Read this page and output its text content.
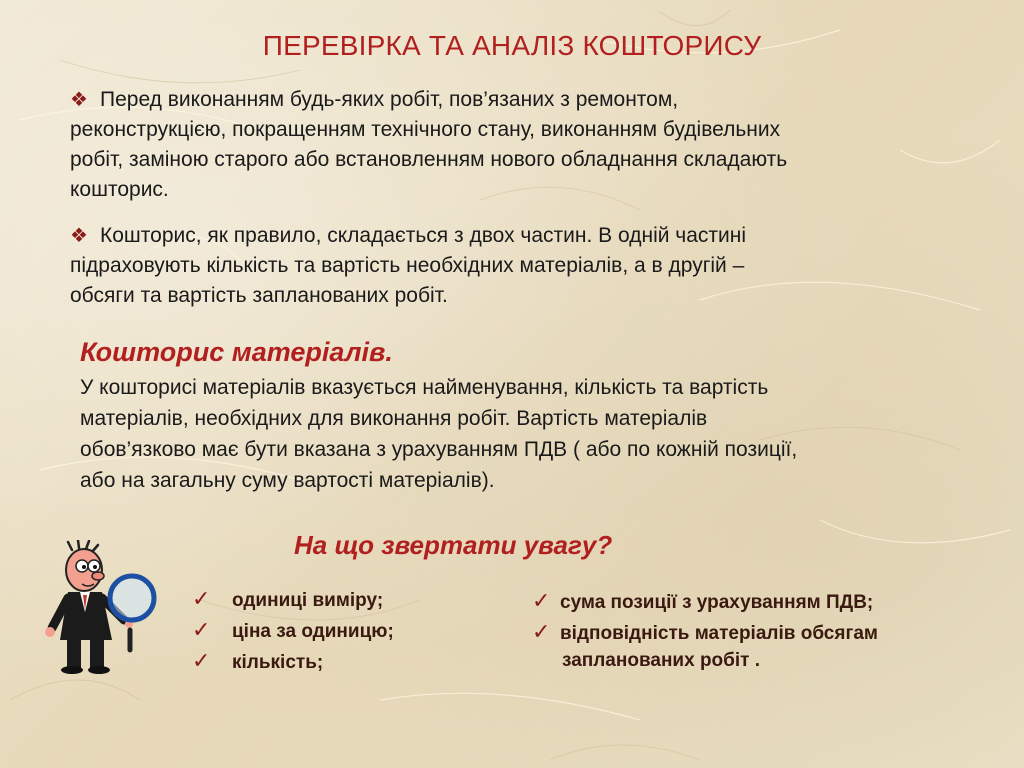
ПЕРЕВІРКА ТА АНАЛІЗ КОШТОРИСУ
❖ Перед виконанням будь-яких робіт, пов’язаних з ремонтом,
реконструкцією, покращенням технічного стану, виконанням будівельних
робіт, заміною старого або встановленням нового обладнання складають
кошторис.
❖ Кошторис, як правило, складається з двох частин. В одній частині
підраховують кількість та вартість необхідних матеріалів, а в другій –
обсяги та вартість запланованих робіт.
Кошторис матеріалів.
У кошторисі матеріалів вказується найменування, кількість та вартість
матеріалів, необхідних для виконання робіт. Вартість матеріалів
обов’язково має бути вказана з урахуванням ПДВ ( або по кожній позиції,
або на загальну суму вартості матеріалів).
На що звертати увагу?
✓ одиниці виміру;
✓ ціна за одиницю;
✓ кількість;
✓ сума позиції з урахуванням ПДВ;
✓ відповідність матеріалів обсягам
запланованих робіт .
